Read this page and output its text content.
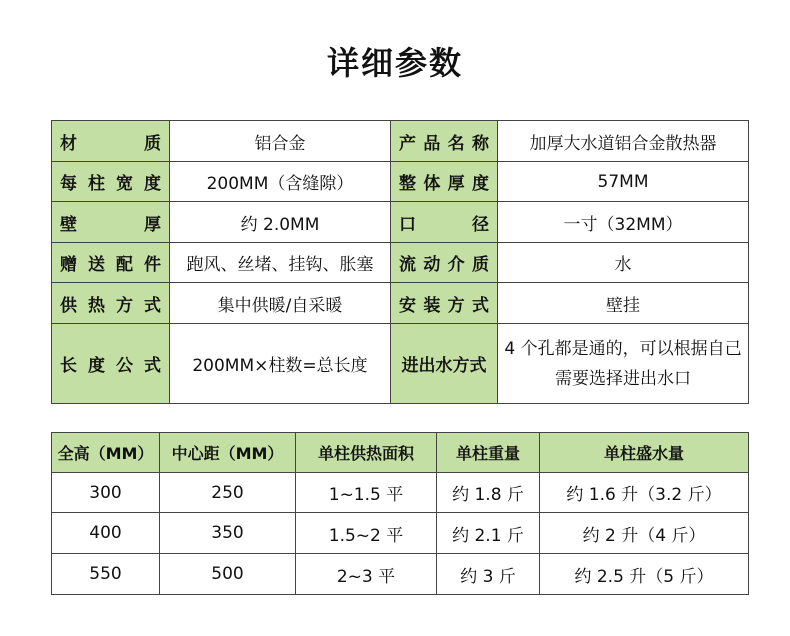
详细参数
材质	铝合金	产品名称	加厚大水道铝合金散热器
每柱宽度	200MM（含缝隙）	整体厚度	57MM
壁厚	约 2.0MM	口径	一寸（32MM）
赠送配件	跑风、丝堵、挂钩、胀塞	流动介质	水
供热方式	集中供暖/自采暖	安装方式	壁挂
长度公式	200MM×柱数=总长度	进出水方式	4 个孔都是通的，可以根据自己需要选择进出水口
全高（MM）	中心距（MM）	单柱供热面积	单柱重量	单柱盛水量
300	250	1~1.5 平	约 1.8 斤	约 1.6 升（3.2 斤）
400	350	1.5~2 平	约 2.1 斤	约 2 升（4 斤）
550	500	2~3 平	约 3 斤	约 2.5 升（5 斤）
